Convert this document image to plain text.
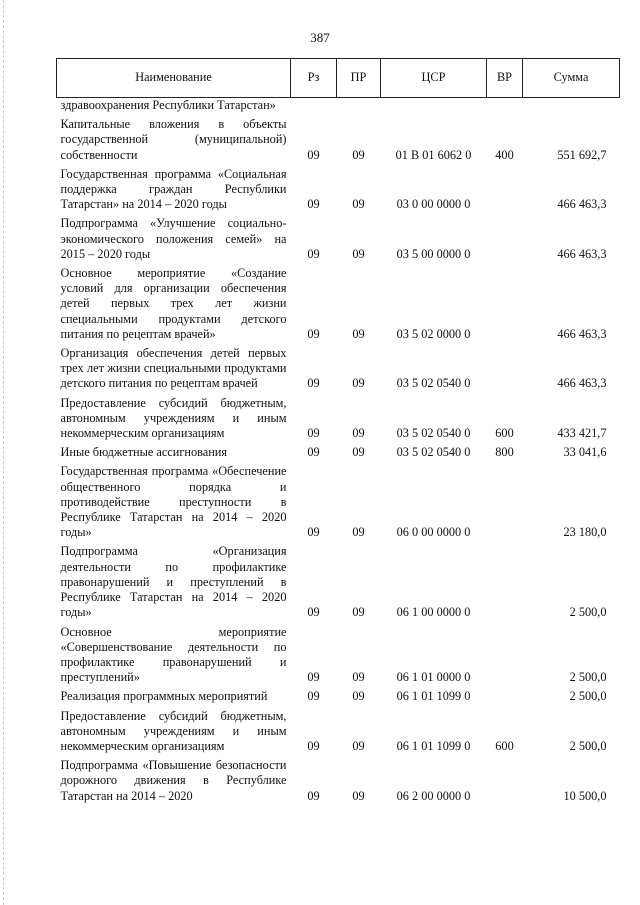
387
Наименование	Рз	ПР	ЦСР	ВР	Сумма
здравоохранения Республики Татарстан»					
Капитальные вложения в объекты государственной (муниципальной) собственности	09	09	01 В 01 6062 0	400	551 692,7
Государственная программа «Социальная поддержка граждан Республики Татарстан» на 2014 – 2020 годы	09	09	03 0 00 0000 0		466 463,3
Подпрограмма «Улучшение социально-экономического положения семей» на 2015 – 2020 годы	09	09	03 5 00 0000 0		466 463,3
Основное мероприятие «Создание условий для организации обеспечения детей первых трех лет жизни специальными продуктами детского питания по рецептам врачей»	09	09	03 5 02 0000 0		466 463,3
Организация обеспечения детей первых трех лет жизни специальными продуктами детского питания по рецептам врачей	09	09	03 5 02 0540 0		466 463,3
Предоставление субсидий бюджетным, автономным учреждениям и иным некоммерческим организациям	09	09	03 5 02 0540 0	600	433 421,7
Иные бюджетные ассигнования	09	09	03 5 02 0540 0	800	33 041,6
Государственная программа «Обеспечение общественного порядка и противодействие преступности в Республике Татарстан на 2014 – 2020 годы»	09	09	06 0 00 0000 0		23 180,0
Подпрограмма «Организация деятельности по профилактике правонарушений и преступлений в Республике Татарстан на 2014 – 2020 годы»	09	09	06 1 00 0000 0		2 500,0
Основное мероприятие «Совершенствование деятельности по профилактике правонарушений и преступлений»	09	09	06 1 01 0000 0		2 500,0
Реализация программных мероприятий	09	09	06 1 01 1099 0		2 500,0
Предоставление субсидий бюджетным, автономным учреждениям и иным некоммерческим организациям	09	09	06 1 01 1099 0	600	2 500,0
Подпрограмма «Повышение безопасности дорожного движения в Республике Татарстан на 2014 – 2020	09	09	06 2 00 0000 0		10 500,0
